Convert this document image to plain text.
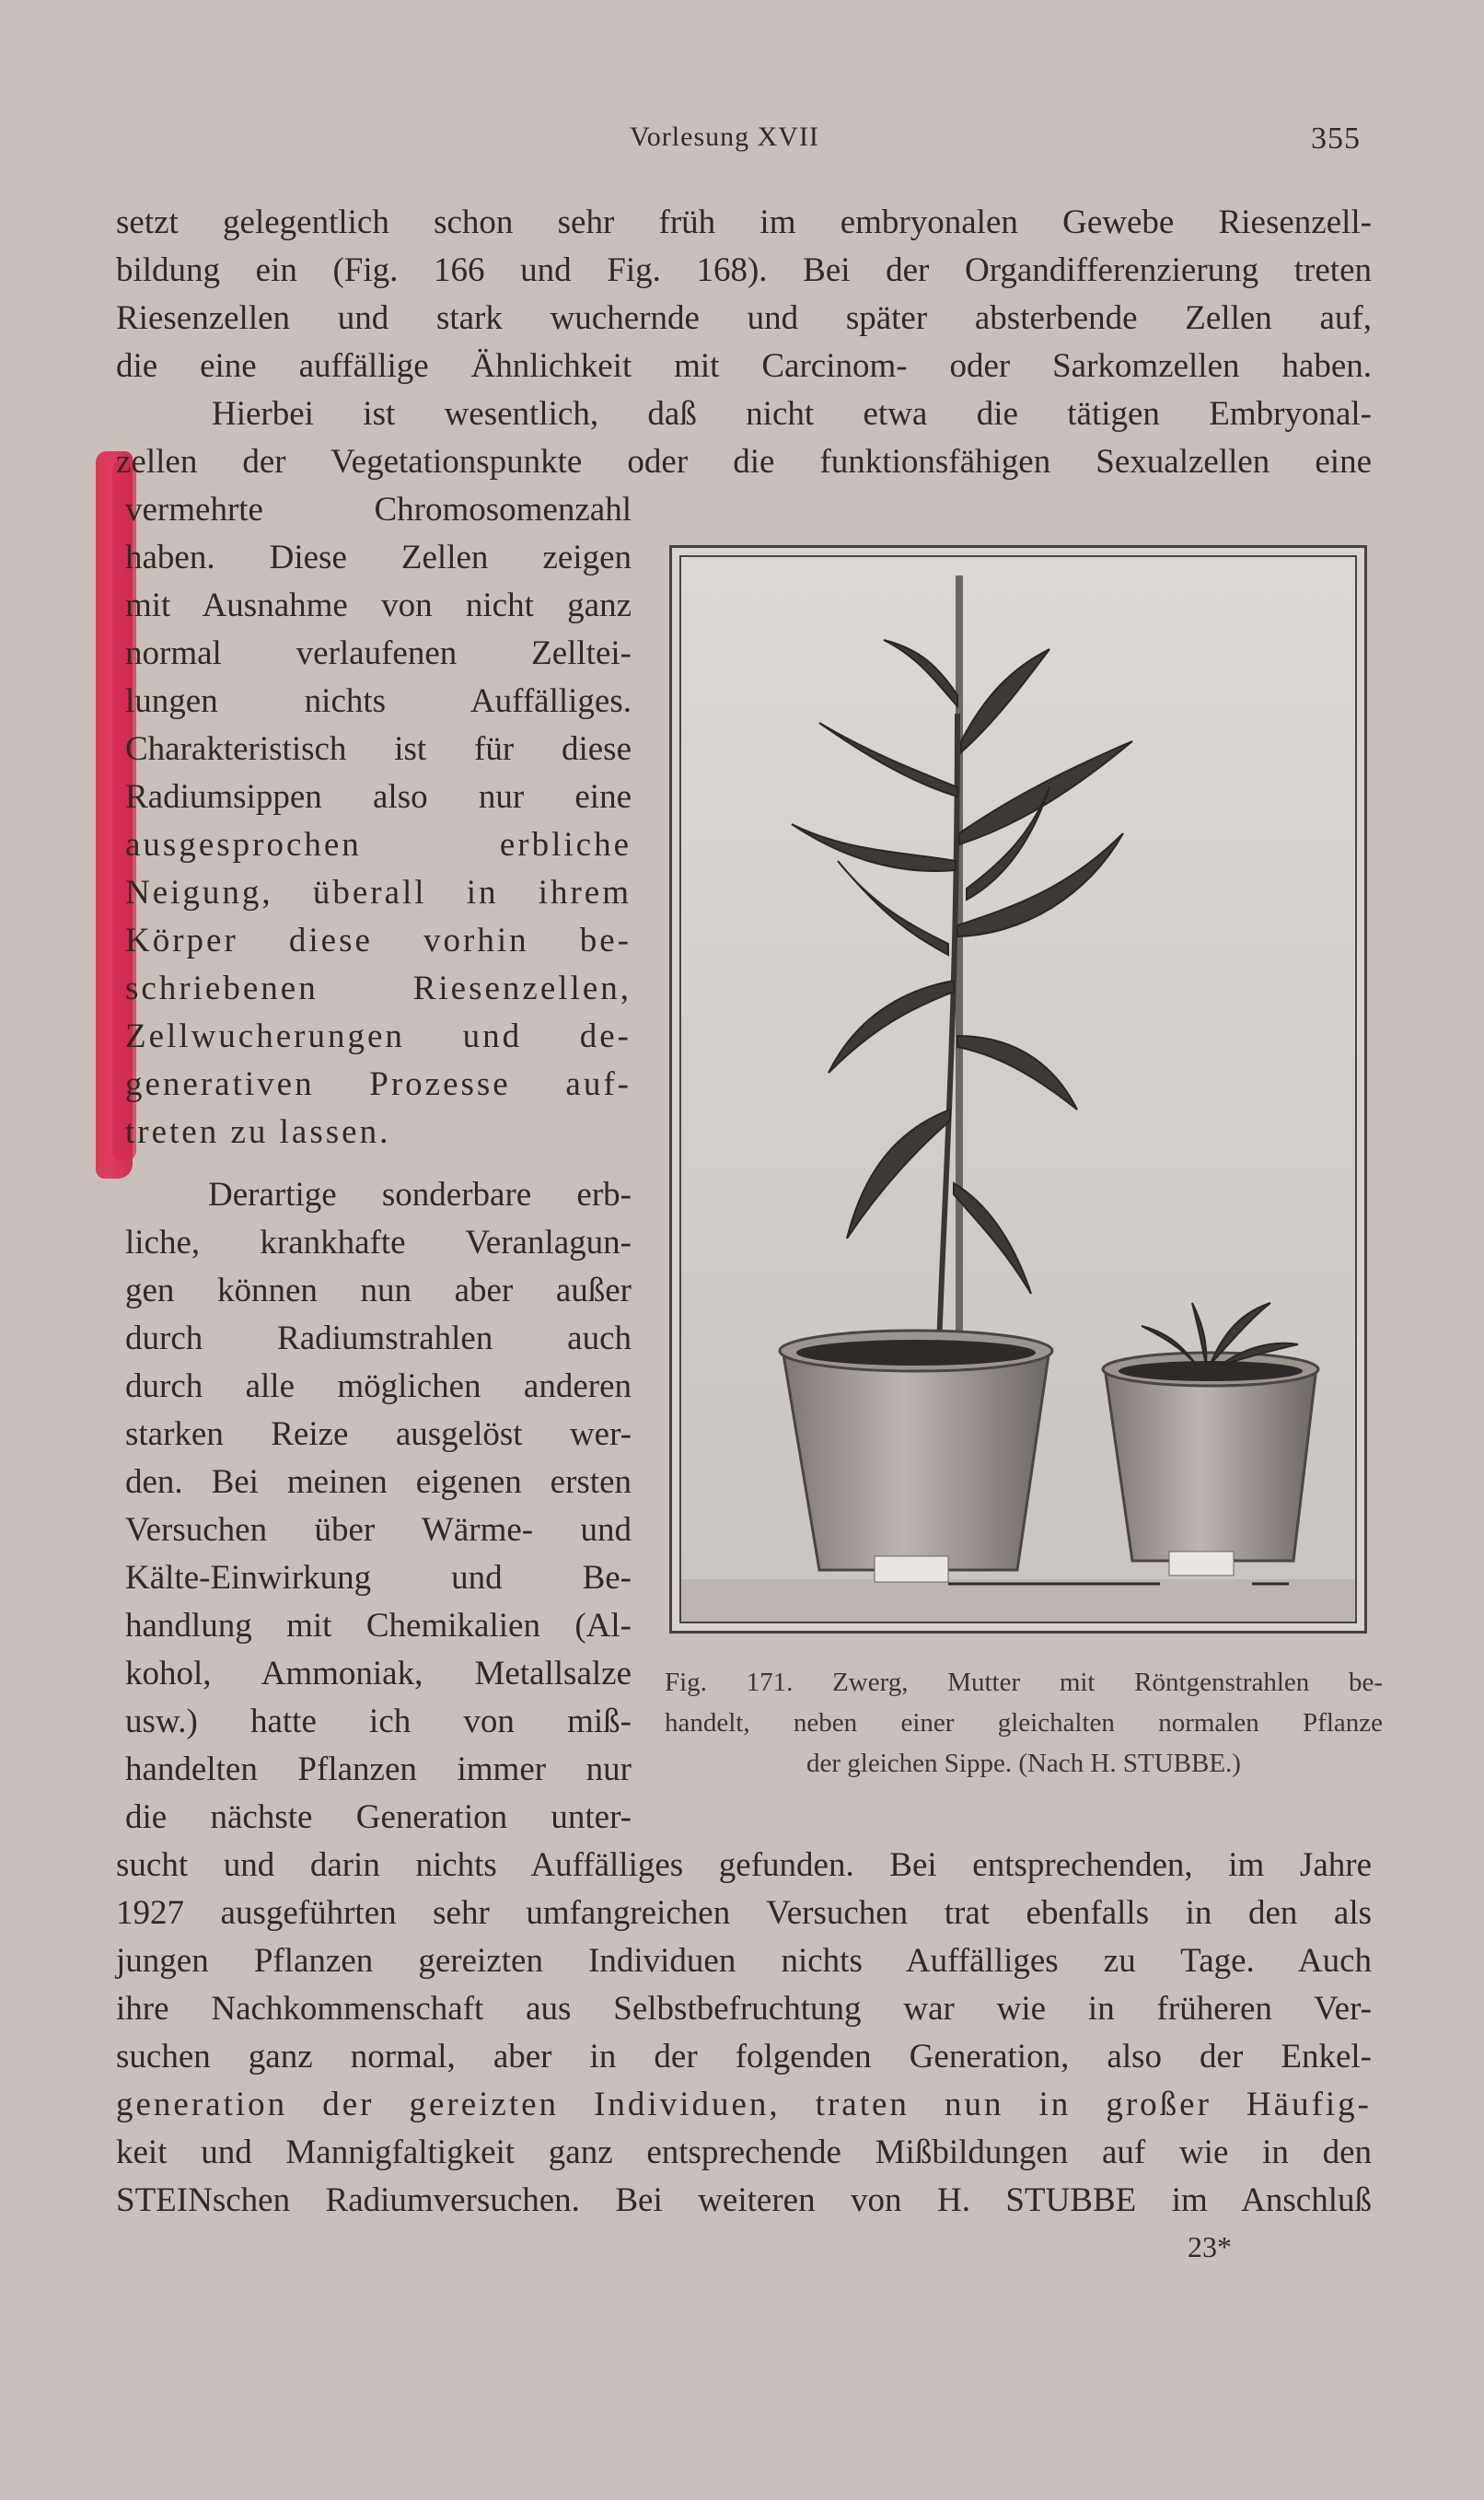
Vorlesung XVII	355
setzt gelegentlich schon sehr früh im embryonalen Gewebe Riesenzell-
bildung ein (Fig. 166 und Fig. 168). Bei der Organdifferenzierung treten
Riesenzellen und stark wuchernde und später absterbende Zellen auf,
die eine auffällige Ähnlichkeit mit Carcinom- oder Sarkomzellen haben.
Hierbei ist wesentlich, daß nicht etwa die tätigen Embryonal-
zellen der Vegetationspunkte oder die funktionsfähigen Sexualzellen eine
vermehrte Chromosomenzahl
haben. Diese Zellen zeigen
mit Ausnahme von nicht ganz
normal verlaufenen Zelltei-
lungen nichts Auffälliges.
Charakteristisch ist für diese
Radiumsippen also nur eine
ausgesprochen erbliche
Neigung, überall in ihrem
Körper diese vorhin be-
schriebenen Riesenzellen,
Zellwucherungen und de-
generativen Prozesse auf-
treten zu lassen.
Derartige sonderbare erb-
liche, krankhafte Veranlagun-
gen können nun aber außer
durch Radiumstrahlen auch
durch alle möglichen anderen
starken Reize ausgelöst wer-
den. Bei meinen eigenen ersten
Versuchen über Wärme- und
Kälte-Einwirkung und Be-
handlung mit Chemikalien (Al-
kohol, Ammoniak, Metallsalze
usw.) hatte ich von miß-
handelten Pflanzen immer nur
die nächste Generation unter-
sucht und darin nichts Auffälliges gefunden. Bei entsprechenden, im Jahre
1927 ausgeführten sehr umfangreichen Versuchen trat ebenfalls in den als
jungen Pflanzen gereizten Individuen nichts Auffälliges zu Tage. Auch
ihre Nachkommenschaft aus Selbstbefruchtung war wie in früheren Ver-
suchen ganz normal, aber in der folgenden Generation, also der Enkel-
generation der gereizten Individuen, traten nun in großer Häufig-
keit und Mannigfaltigkeit ganz entsprechende Mißbildungen auf wie in den
STEINschen Radiumversuchen. Bei weiteren von H. STUBBE im Anschluß
23*
Fig. 171. Zwerg, Mutter mit Röntgenstrahlen be-
handelt, neben einer gleichalten normalen Pflanze
der gleichen Sippe. (Nach H. STUBBE.)
